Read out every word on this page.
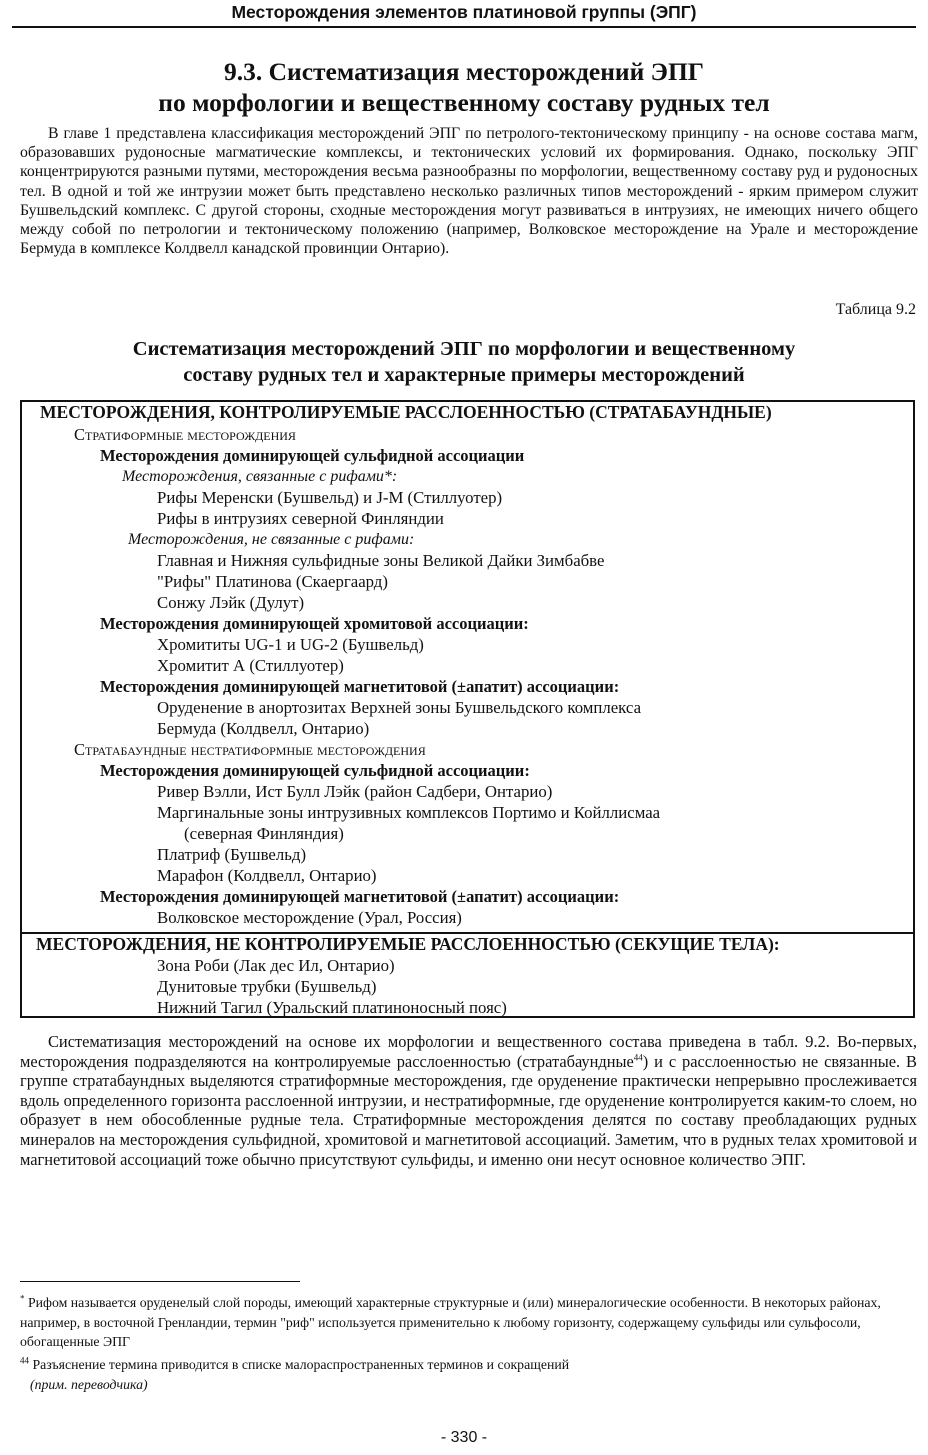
Месторождения элементов платиновой группы (ЭПГ)
9.3. Систематизация месторождений ЭПГ
по морфологии и вещественному составу рудных тел

В главе 1 представлена классификация месторождений ЭПГ по петролого-тектоническому принципу - на основе состава магм, образовавших рудоносные магматические комплексы, и тектонических условий их формирования. Однако, поскольку ЭПГ концентрируются разными путями, месторождения весьма разнообразны по морфологии, вещественному составу руд и рудоносных тел. В одной и той же интрузии может быть представлено несколько различных типов месторождений - ярким примером служит Бушвельдский комплекс. С другой стороны, сходные месторождения могут развиваться в интрузиях, не имеющих ничего общего между собой по петрологии и тектоническому положению (например, Волковское месторождение на Урале и месторождение Бермуда в комплексе Колдвелл канадской провинции Онтарио).

Таблица 9.2
Систематизация месторождений ЭПГ по морфологии и вещественному
составу рудных тел и характерные примеры месторождений
МЕСТОРОЖДЕНИЯ, КОНТРОЛИРУЕМЫЕ РАССЛОЕННОСТЬЮ (СТРАТАБАУНДНЫЕ)
Стратиформные месторождения
Месторождения доминирующей сульфидной ассоциации
Месторождения, связанные с рифами*:
Рифы Меренски (Бушвельд) и J-M (Стиллуотер)
Рифы в интрузиях северной Финляндии
Месторождения, не связанные с рифами:
Главная и Нижняя сульфидные зоны Великой Дайки Зимбабве
"Рифы" Платинова (Скаергаард)
Сонжу Лэйк (Дулут)
Месторождения доминирующей хромитовой ассоциации:
Хромититы UG-1 и UG-2 (Бушвельд)
Хромитит А (Стиллуотер)
Месторождения доминирующей магнетитовой (±апатит) ассоциации:
Оруденение в анортозитах Верхней зоны Бушвельдского комплекса
Бермуда (Колдвелл, Онтарио)
Стратабаундные нестратиформные месторождения
Месторождения доминирующей сульфидной ассоциации:
Ривер Вэлли, Ист Булл Лэйк (район Садбери, Онтарио)
Маргинальные зоны интрузивных комплексов Портимо и Койллисмаа
(северная Финляндия)
Платриф (Бушвельд)
Марафон (Колдвелл, Онтарио)
Месторождения доминирующей магнетитовой (±апатит) ассоциации:
Волковское месторождение (Урал, Россия)
МЕСТОРОЖДЕНИЯ, НЕ КОНТРОЛИРУЕМЫЕ РАССЛОЕННОСТЬЮ (СЕКУЩИЕ ТЕЛА):
Зона Роби (Лак дес Ил, Онтарио)
Дунитовые трубки (Бушвельд)
Нижний Тагил (Уральский платиноносный пояс)

Систематизация месторождений на основе их морфологии и вещественного состава приведена в табл. 9.2. Во-первых, месторождения подразделяются на контролируемые расслоенностью (стратабаундные$^{44}$) и с расслоенностью не связанные. В группе стратабаундных выделяются стратиформные месторождения, где оруденение практически непрерывно прослеживается вдоль определенного горизонта расслоенной интрузии, и нестратиформные, где оруденение контролируется каким-то слоем, но образует в нем обособленные рудные тела. Стратиформные месторождения делятся по составу преобладающих рудных минералов на месторождения сульфидной, хромитовой и магнетитовой ассоциаций. Заметим, что в рудных телах хромитовой и магнетитовой ассоциаций тоже обычно присутствуют сульфиды, и именно они несут основное количество ЭПГ.

* Рифом называется оруденелый слой породы, имеющий характерные структурные и (или) минералогические особенности. В некоторых районах, например, в восточной Гренландии, термин "риф" используется применительно к любому горизонту, содержащему сульфиды или сульфосоли, обогащенные ЭПГ

$^{44}$ Разъяснение термина приводится в списке малораспространенных терминов и сокращений
(прим. переводчика)

- 330 -
